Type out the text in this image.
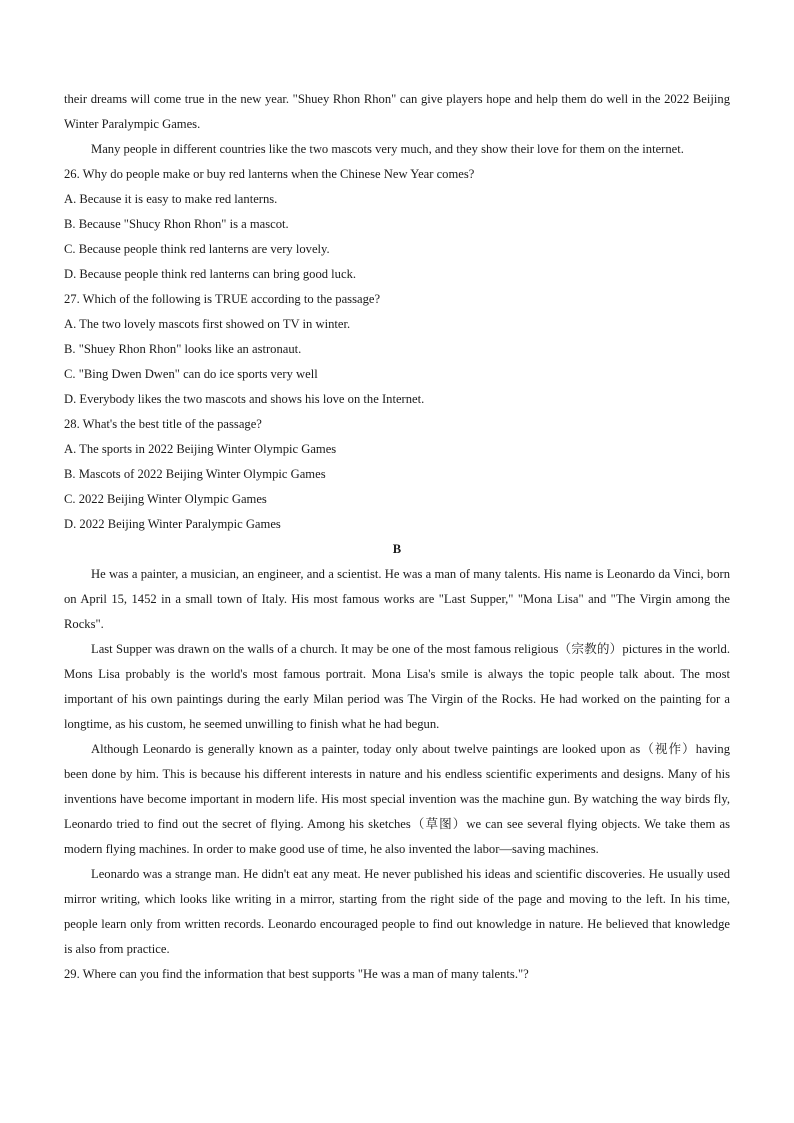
their dreams will come true in the new year. "Shuey Rhon Rhon" can give players hope and help them do well in the 2022 Beijing Winter Paralympic Games.

Many people in different countries like the two mascots very much, and they show their love for them on the internet.

26. Why do people make or buy red lanterns when the Chinese New Year comes?

A. Because it is easy to make red lanterns.

B. Because "Shucy Rhon Rhon" is a mascot.

C. Because people think red lanterns are very lovely.

D. Because people think red lanterns can bring good luck.

27. Which of the following is TRUE according to the passage?

A. The two lovely mascots first showed on TV in winter.

B. "Shuey Rhon Rhon" looks like an astronaut.

C. "Bing Dwen Dwen" can do ice sports very well

D. Everybody likes the two mascots and shows his love on the Internet.

28. What's the best title of the passage?

A. The sports in 2022 Beijing Winter Olympic Games

B. Mascots of 2022 Beijing Winter Olympic Games

C. 2022 Beijing Winter Olympic Games

D. 2022 Beijing Winter Paralympic Games

B

He was a painter, a musician, an engineer, and a scientist. He was a man of many talents. His name is Leonardo da Vinci, born on April 15, 1452 in a small town of Italy. His most famous works are "Last Supper," "Mona Lisa" and "The Virgin among the Rocks".

Last Supper was drawn on the walls of a church. It may be one of the most famous religious（宗教的）pictures in the world. Mons Lisa probably is the world's most famous portrait. Mona Lisa's smile is always the topic people talk about. The most important of his own paintings during the early Milan period was The Virgin of the Rocks. He had worked on the painting for a longtime, as his custom, he seemed unwilling to finish what he had begun.

Although Leonardo is generally known as a painter, today only about twelve paintings are looked upon as（视作）having been done by him. This is because his different interests in nature and his endless scientific experiments and designs. Many of his inventions have become important in modern life. His most special invention was the machine gun. By watching the way birds fly, Leonardo tried to find out the secret of flying. Among his sketches（草图）we can see several flying objects. We take them as modern flying machines. In order to make good use of time, he also invented the labor—saving machines.

Leonardo was a strange man. He didn't eat any meat. He never published his ideas and scientific discoveries. He usually used mirror writing, which looks like writing in a mirror, starting from the right side of the page and moving to the left. In his time, people learn only from written records. Leonardo encouraged people to find out knowledge in nature. He believed that knowledge is also from practice.

29. Where can you find the information that best supports "He was a man of many talents."?
